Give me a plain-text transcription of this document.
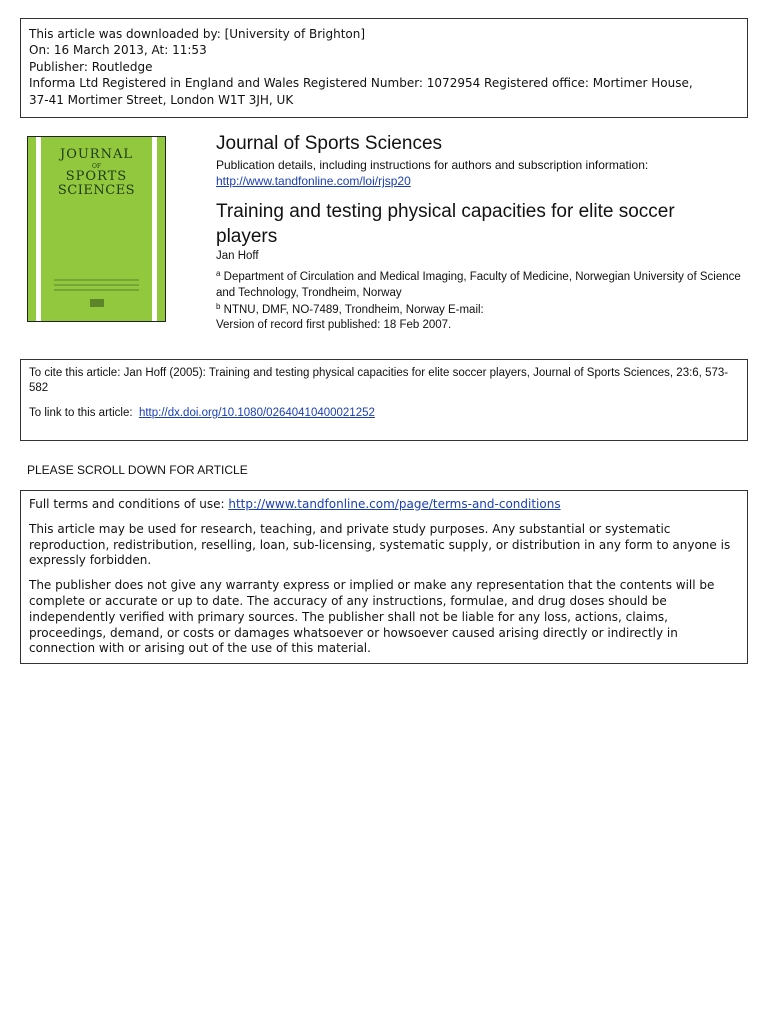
This article was downloaded by: [University of Brighton]
On: 16 March 2013, At: 11:53
Publisher: Routledge
Informa Ltd Registered in England and Wales Registered Number: 1072954 Registered office: Mortimer House,
37-41 Mortimer Street, London W1T 3JH, UK
JOURNAL
OF
SPORTS
SCIENCES
Journal of Sports Sciences
Publication details, including instructions for authors and subscription information:
http://www.tandfonline.com/loi/rjsp20
Training and testing physical capacities for elite soccer players
Jan Hoff
$^a$ Department of Circulation and Medical Imaging, Faculty of Medicine, Norwegian University of Science and Technology, Trondheim, Norway
$^b$ NTNU, DMF, NO-7489, Trondheim, Norway E-mail:
Version of record first published: 18 Feb 2007.

To cite this article: Jan Hoff (2005): Training and testing physical capacities for elite soccer players, Journal of Sports Sciences, 23:6, 573-582

To link to this article: http://dx.doi.org/10.1080/02640410400021252

PLEASE SCROLL DOWN FOR ARTICLE

Full terms and conditions of use: http://www.tandfonline.com/page/terms-and-conditions

This article may be used for research, teaching, and private study purposes. Any substantial or systematic reproduction, redistribution, reselling, loan, sub-licensing, systematic supply, or distribution in any form to anyone is expressly forbidden.

The publisher does not give any warranty express or implied or make any representation that the contents will be complete or accurate or up to date. The accuracy of any instructions, formulae, and drug doses should be independently verified with primary sources. The publisher shall not be liable for any loss, actions, claims, proceedings, demand, or costs or damages whatsoever or howsoever caused arising directly or indirectly in connection with or arising out of the use of this material.
